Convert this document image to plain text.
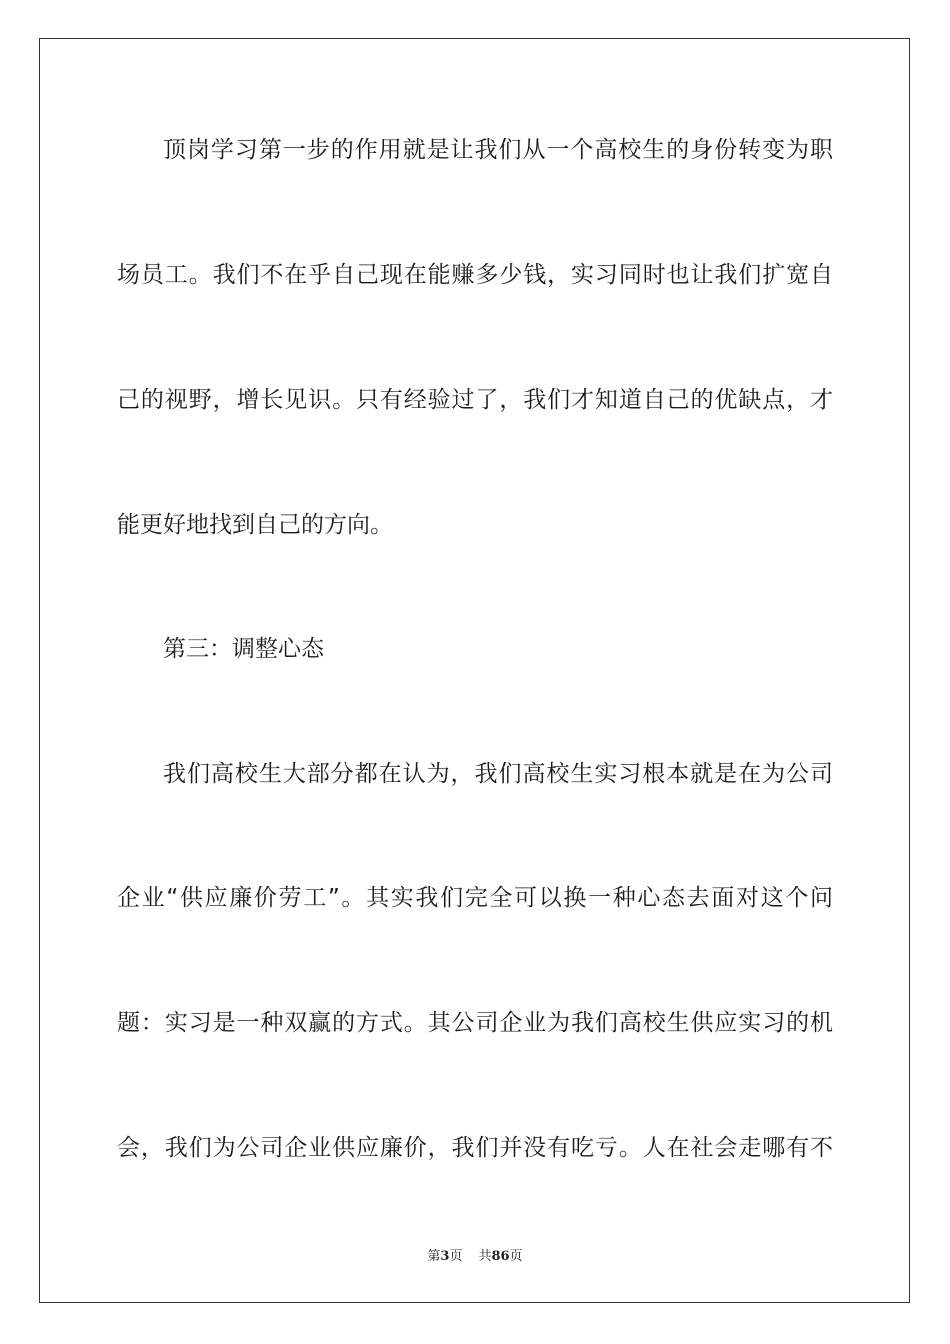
顶岗学习第一步的作用就是让我们从一个高校生的身份转变为职
场员工。我们不在乎自己现在能赚多少钱，实习同时也让我们扩宽自
己的视野，增长见识。只有经验过了，我们才知道自己的优缺点，才
能更好地找到自己的方向。
第三：调整心态
我们高校生大部分都在认为，我们高校生实习根本就是在为公司
企业“供应廉价劳工”。其实我们完全可以换一种心态去面对这个问
题：实习是一种双赢的方式。其公司企业为我们高校生供应实习的机
会，我们为公司企业供应廉价，我们并没有吃亏。人在社会走哪有不
第3页 共86页
